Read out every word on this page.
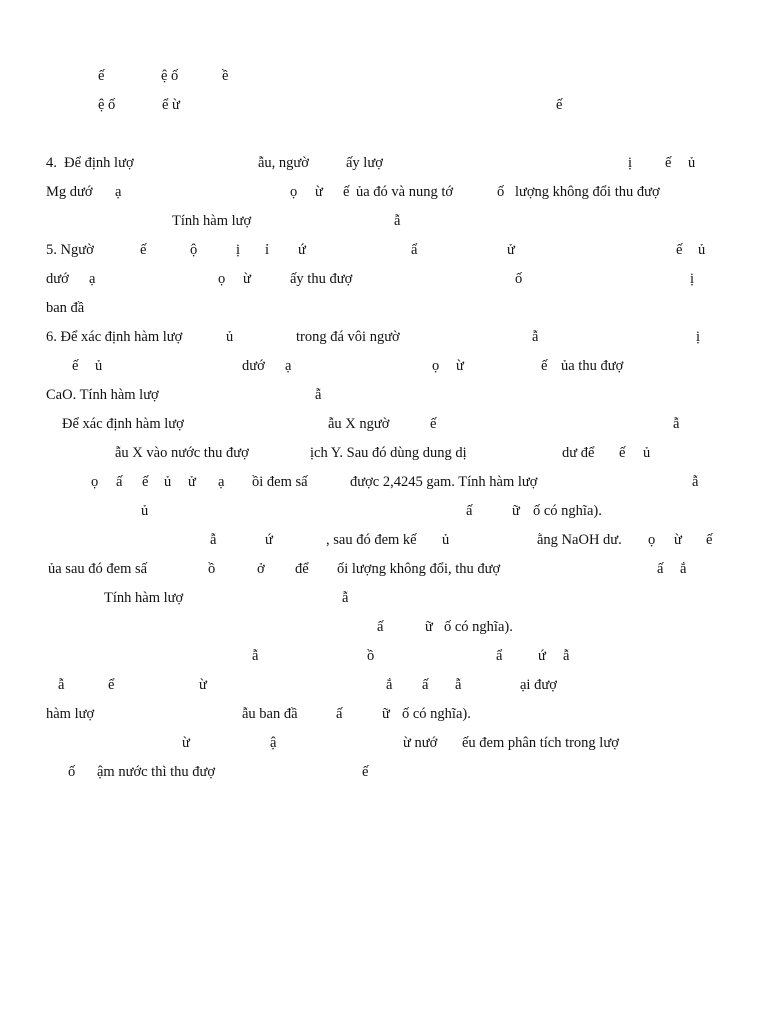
ế	ệ ố	ề
ệ ố	ể ừ	ế
4.  Để định lượ	ẫu, ngườ	ấy lượ	ị ế ủ
Mg dướ ạ	ọ ừ ế ủa đó và nung tớ	ố lượng không đổi thu đượ
Tính hàm lượ	ẫ
5. Ngườ	ế	ộ	ị ỉ ứ	ẩ	ử	ế ủ
dướ ạ	ọ ừ	ấy thu đượ	ố	ị
ban đầ
6. Để xác định hàm lượ	ủ	trong đá vôi ngườ	ẫ	ị
ế ủ	dướ ạ	ọ ừ	ế ủa thu đượ
CaO. Tính hàm lượ	ẫ
Để xác định hàm lượ	ẫu X ngườ	ế	ẫ
ẫu X vào nước thu đượ	ịch Y. Sau đó dùng dung dị	dư để ế ủ
ọ ấ ế ủ ử ạ ồi đem sấ	được 2,4245 gam. Tính hàm lượ	ẫ
ủ	ấ	ữ ố có nghĩa).
ẫ	ứ	, sau đó đem kế ủ	ằng NaOH dư. ọ ừ ế
ủa sau đó đem sấ	ồ	ở để ối lượng không đổi, thu đượ	ấ ắ
Tính hàm lượ	ẫ
ấ	ữ ố có nghĩa).
ẫ	ồ	ẩ ứ ẫ
ẫ	ể	ừ	ắ ấ ẫ	ại đượ
hàm lượ	ẫu ban đầ	ấ	ữ ố có nghĩa).
ừ	ậ	ừ nướ ếu đem phân tích trong lượ
ố ậm nước thì thu đượ	ế
